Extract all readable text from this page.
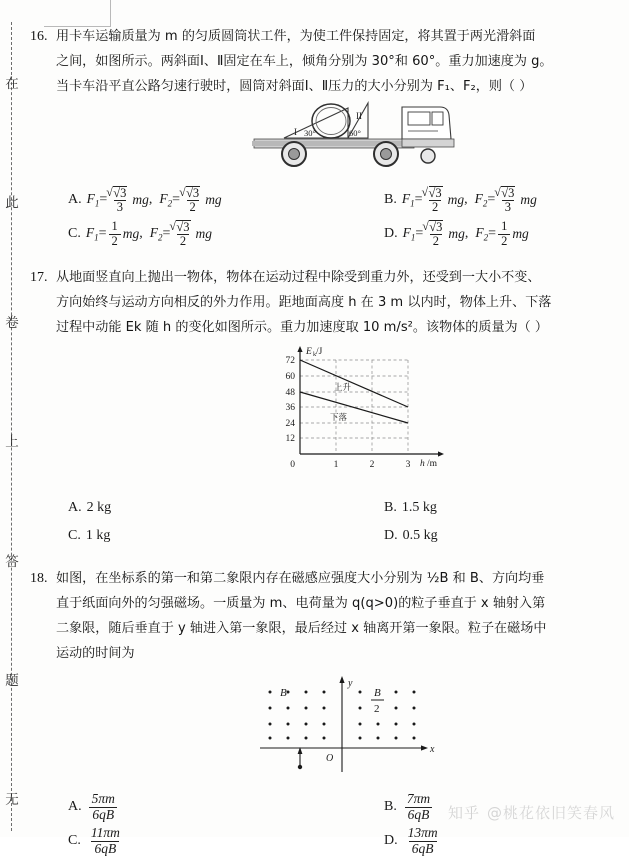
在
此
卷
上
答
题
无
16. 用卡车运输质量为 m 的匀质圆筒状工件，为使工件保持固定，将其置于两光滑斜面
之间，如图所示。两斜面Ⅰ、Ⅱ固定在车上，倾角分别为 30°和 60°。重力加速度为 g。
当卡车沿平直公路匀速行驶时，圆筒对斜面Ⅰ、Ⅱ压力的大小分别为 F₁、F₂，则（ ）
I 30°
II
60°
A. $F_1$ = √ $\frac{√3}{3}$ mg , $F_2$ = √ $\frac{√3}{2}$ mg	B. $F_1$ = √ $\frac{√3}{2}$ mg , $F_2$ = √ $\frac{√3}{3}$ mg
C. $F_1 = \frac{1}{2}$ mg , $F_2$ = √ $\frac{√3}{2}$ mg	D. $F_1$ = √ $\frac{√3}{2}$ mg , $F_2 = \frac{1}{2}$ mg
17. 从地面竖直向上抛出一物体，物体在运动过程中除受到重力外，还受到一大小不变、
方向始终与运动方向相反的外力作用。距地面高度 h 在 3 m 以内时，物体上升、下落
过程中动能 Ek 随 h 的变化如图所示。重力加速度取 10 m/s²。该物体的质量为（ ）
72
60
48
36
24
12
0	1	2	3
E k /J
h /m
上升
下落
A. 2 kg	B. 1.5 kg
C. 1 kg	D. 0.5 kg
18. 如图，在坐标系的第一和第二象限内存在磁感应强度大小分别为 ½B 和 B、方向均垂
直于纸面向外的匀强磁场。一质量为 m、电荷量为 q(q>0)的粒子垂直于 x 轴射入第
二象限，随后垂直于 y 轴进入第一象限，最后经过 x 轴离开第一象限。粒子在磁场中
运动的时间为
x
y
O
B	B
2
A. $\frac{5\pi m}{6qB}$	B. $\frac{7\pi m}{6qB}$
C. $\frac{11\pi m}{6qB}$	D. $\frac{13\pi m}{6qB}$
知乎 @桃花依旧笑春风
